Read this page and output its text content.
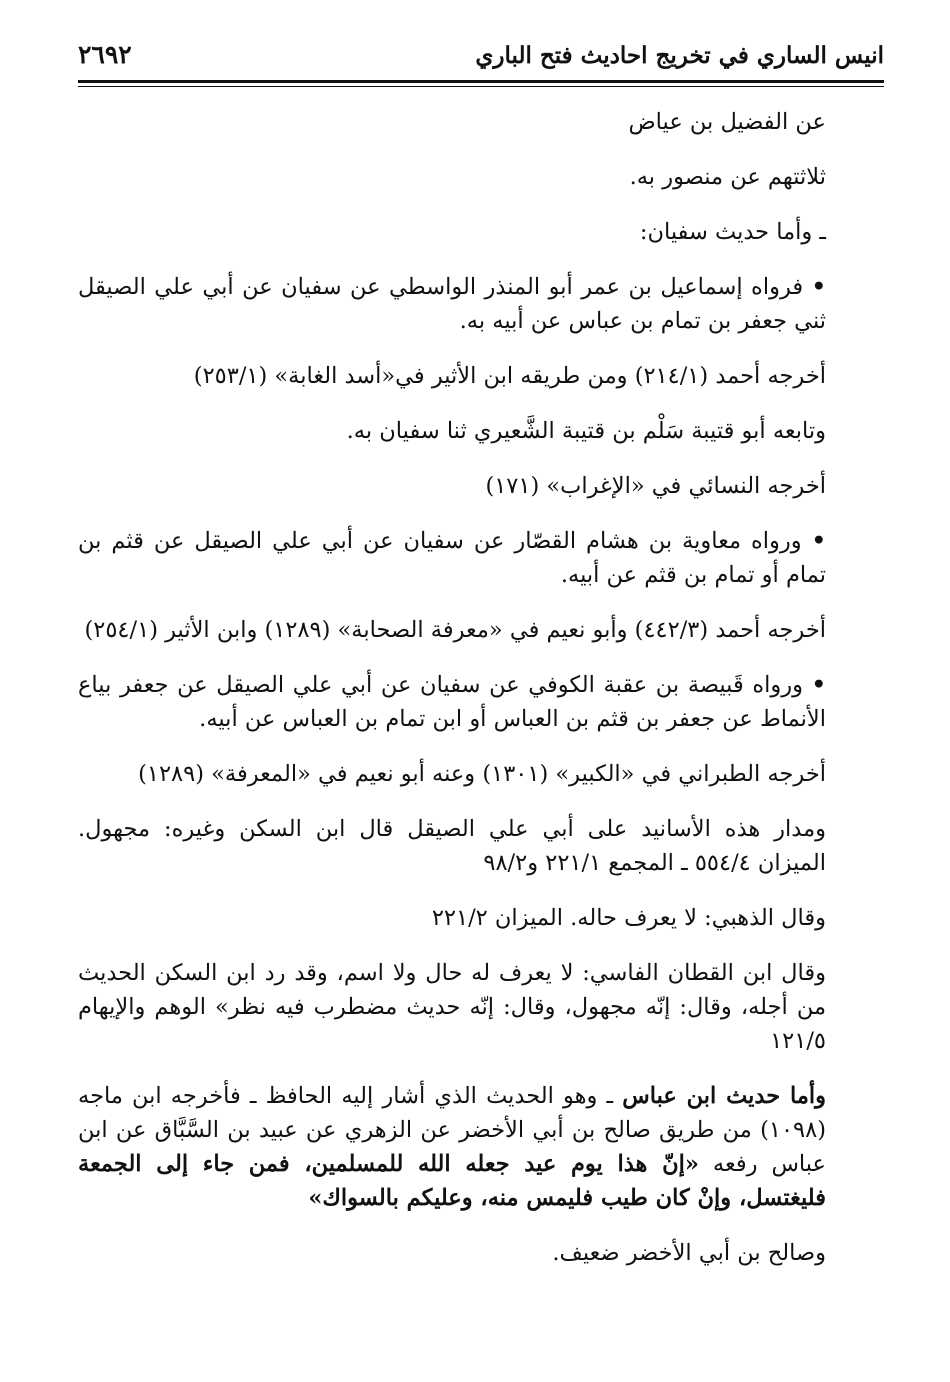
انيس الساري في تخريج احاديث فتح الباري
٢٦٩٢

عن الفضيل بن عياض

ثلاثتهم عن منصور به.

ـ وأما حديث سفيان:

• فرواه إسماعيل بن عمر أبو المنذر الواسطي عن سفيان عن أبي علي الصيقل ثني جعفر بن تمام بن عباس عن أبيه به.

أخرجه أحمد (٢١٤/١) ومن طريقه ابن الأثير في«أسد الغابة» (٢٥٣/١)

وتابعه أبو قتيبة سَلْم بن قتيبة الشَّعيري ثنا سفيان به.

أخرجه النسائي في «الإغراب» (١٧١)

• ورواه معاوية بن هشام القصّار عن سفيان عن أبي علي الصيقل عن قثم بن تمام أو تمام بن قثم عن أبيه.

أخرجه أحمد (٤٤٢/٣) وأبو نعيم في «معرفة الصحابة» (١٢٨٩) وابن الأثير (٢٥٤/١)

• ورواه قَبيصة بن عقبة الكوفي عن سفيان عن أبي علي الصيقل عن جعفر بياع الأنماط عن جعفر بن قثم بن العباس أو ابن تمام بن العباس عن أبيه.

أخرجه الطبراني في «الكبير» (١٣٠١) وعنه أبو نعيم في «المعرفة» (١٢٨٩)

ومدار هذه الأسانيد على أبي علي الصيقل قال ابن السكن وغيره: مجهول. الميزان ٥٥٤/٤ ـ المجمع ٢٢١/١ و٩٨/٢

وقال الذهبي: لا يعرف حاله. الميزان ٢٢١/٢

وقال ابن القطان الفاسي: لا يعرف له حال ولا اسم، وقد رد ابن السكن الحديث من أجله، وقال: إنّه مجهول، وقال: إنّه حديث مضطرب فيه نظر» الوهم والإيهام ١٢١/٥

وأما حديث ابن عباس ـ وهو الحديث الذي أشار إليه الحافظ ـ فأخرجه ابن ماجه (١٠٩٨) من طريق صالح بن أبي الأخضر عن الزهري عن عبيد بن السَّبَّاق عن ابن عباس رفعه «إنّ هذا يوم عيد جعله الله للمسلمين، فمن جاء إلى الجمعة فليغتسل، وإنْ كان طيب فليمس منه، وعليكم بالسواك»

وصالح بن أبي الأخضر ضعيف.
